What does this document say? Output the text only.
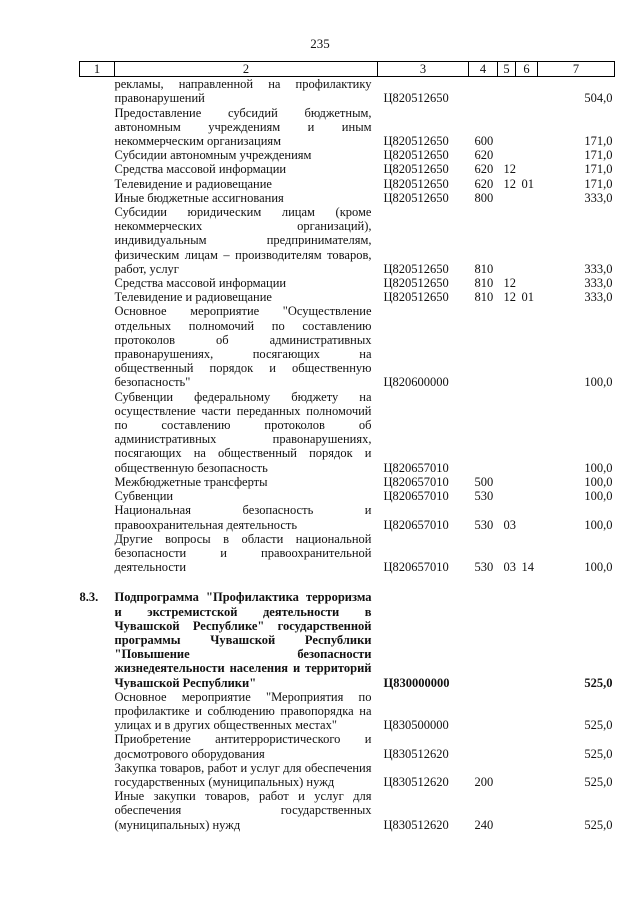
235
1	2	3	4	5	6	7
	рекламы, направленной на профилактику правонарушений	Ц820512650				504,0
	Предоставление субсидий бюджетным, автономным учреждениям и иным некоммерческим организациям	Ц820512650	600			171,0
	Субсидии автономным учреждениям	Ц820512650	620			171,0
	Средства массовой информации	Ц820512650	620	12		171,0
	Телевидение и радиовещание	Ц820512650	620	12	01	171,0
	Иные бюджетные ассигнования	Ц820512650	800			333,0
	Субсидии юридическим лицам (кроме некоммерческих организаций), индивидуальным предпринимателям, физическим лицам – производителям товаров, работ, услуг	Ц820512650	810			333,0
	Средства массовой информации	Ц820512650	810	12		333,0
	Телевидение и радиовещание	Ц820512650	810	12	01	333,0
	Основное мероприятие "Осуществление отдельных полномочий по составлению протоколов об административных правонарушениях, посягающих на общественный порядок и общественную безопасность"	Ц820600000				100,0
	Субвенции федеральному бюджету на осуществление части переданных полномочий по составлению протоколов об административных правонарушениях, посягающих на общественный порядок и общественную безопасность	Ц820657010				100,0
	Межбюджетные трансферты	Ц820657010	500			100,0
	Субвенции	Ц820657010	530			100,0
	Национальная безопасность и правоохранительная деятельность	Ц820657010	530	03		100,0
	Другие вопросы в области национальной безопасности и правоохранительной деятельности	Ц820657010	530	03	14	100,0

8.3.	Подпрограмма "Профилактика терроризма и экстремистской деятельности в Чувашской Республике" государственной программы Чувашской Республики "Повышение безопасности жизнедеятельности населения и территорий Чувашской Республики"	Ц830000000				525,0
	Основное мероприятие "Мероприятия по профилактике и соблюдению правопорядка на улицах и в других общественных местах"	Ц830500000				525,0
	Приобретение антитеррористического и досмотрового оборудования	Ц830512620				525,0
	Закупка товаров, работ и услуг для обеспечения государственных (муниципальных) нужд	Ц830512620	200			525,0
	Иные закупки товаров, работ и услуг для обеспечения государственных (муниципальных) нужд	Ц830512620	240			525,0
